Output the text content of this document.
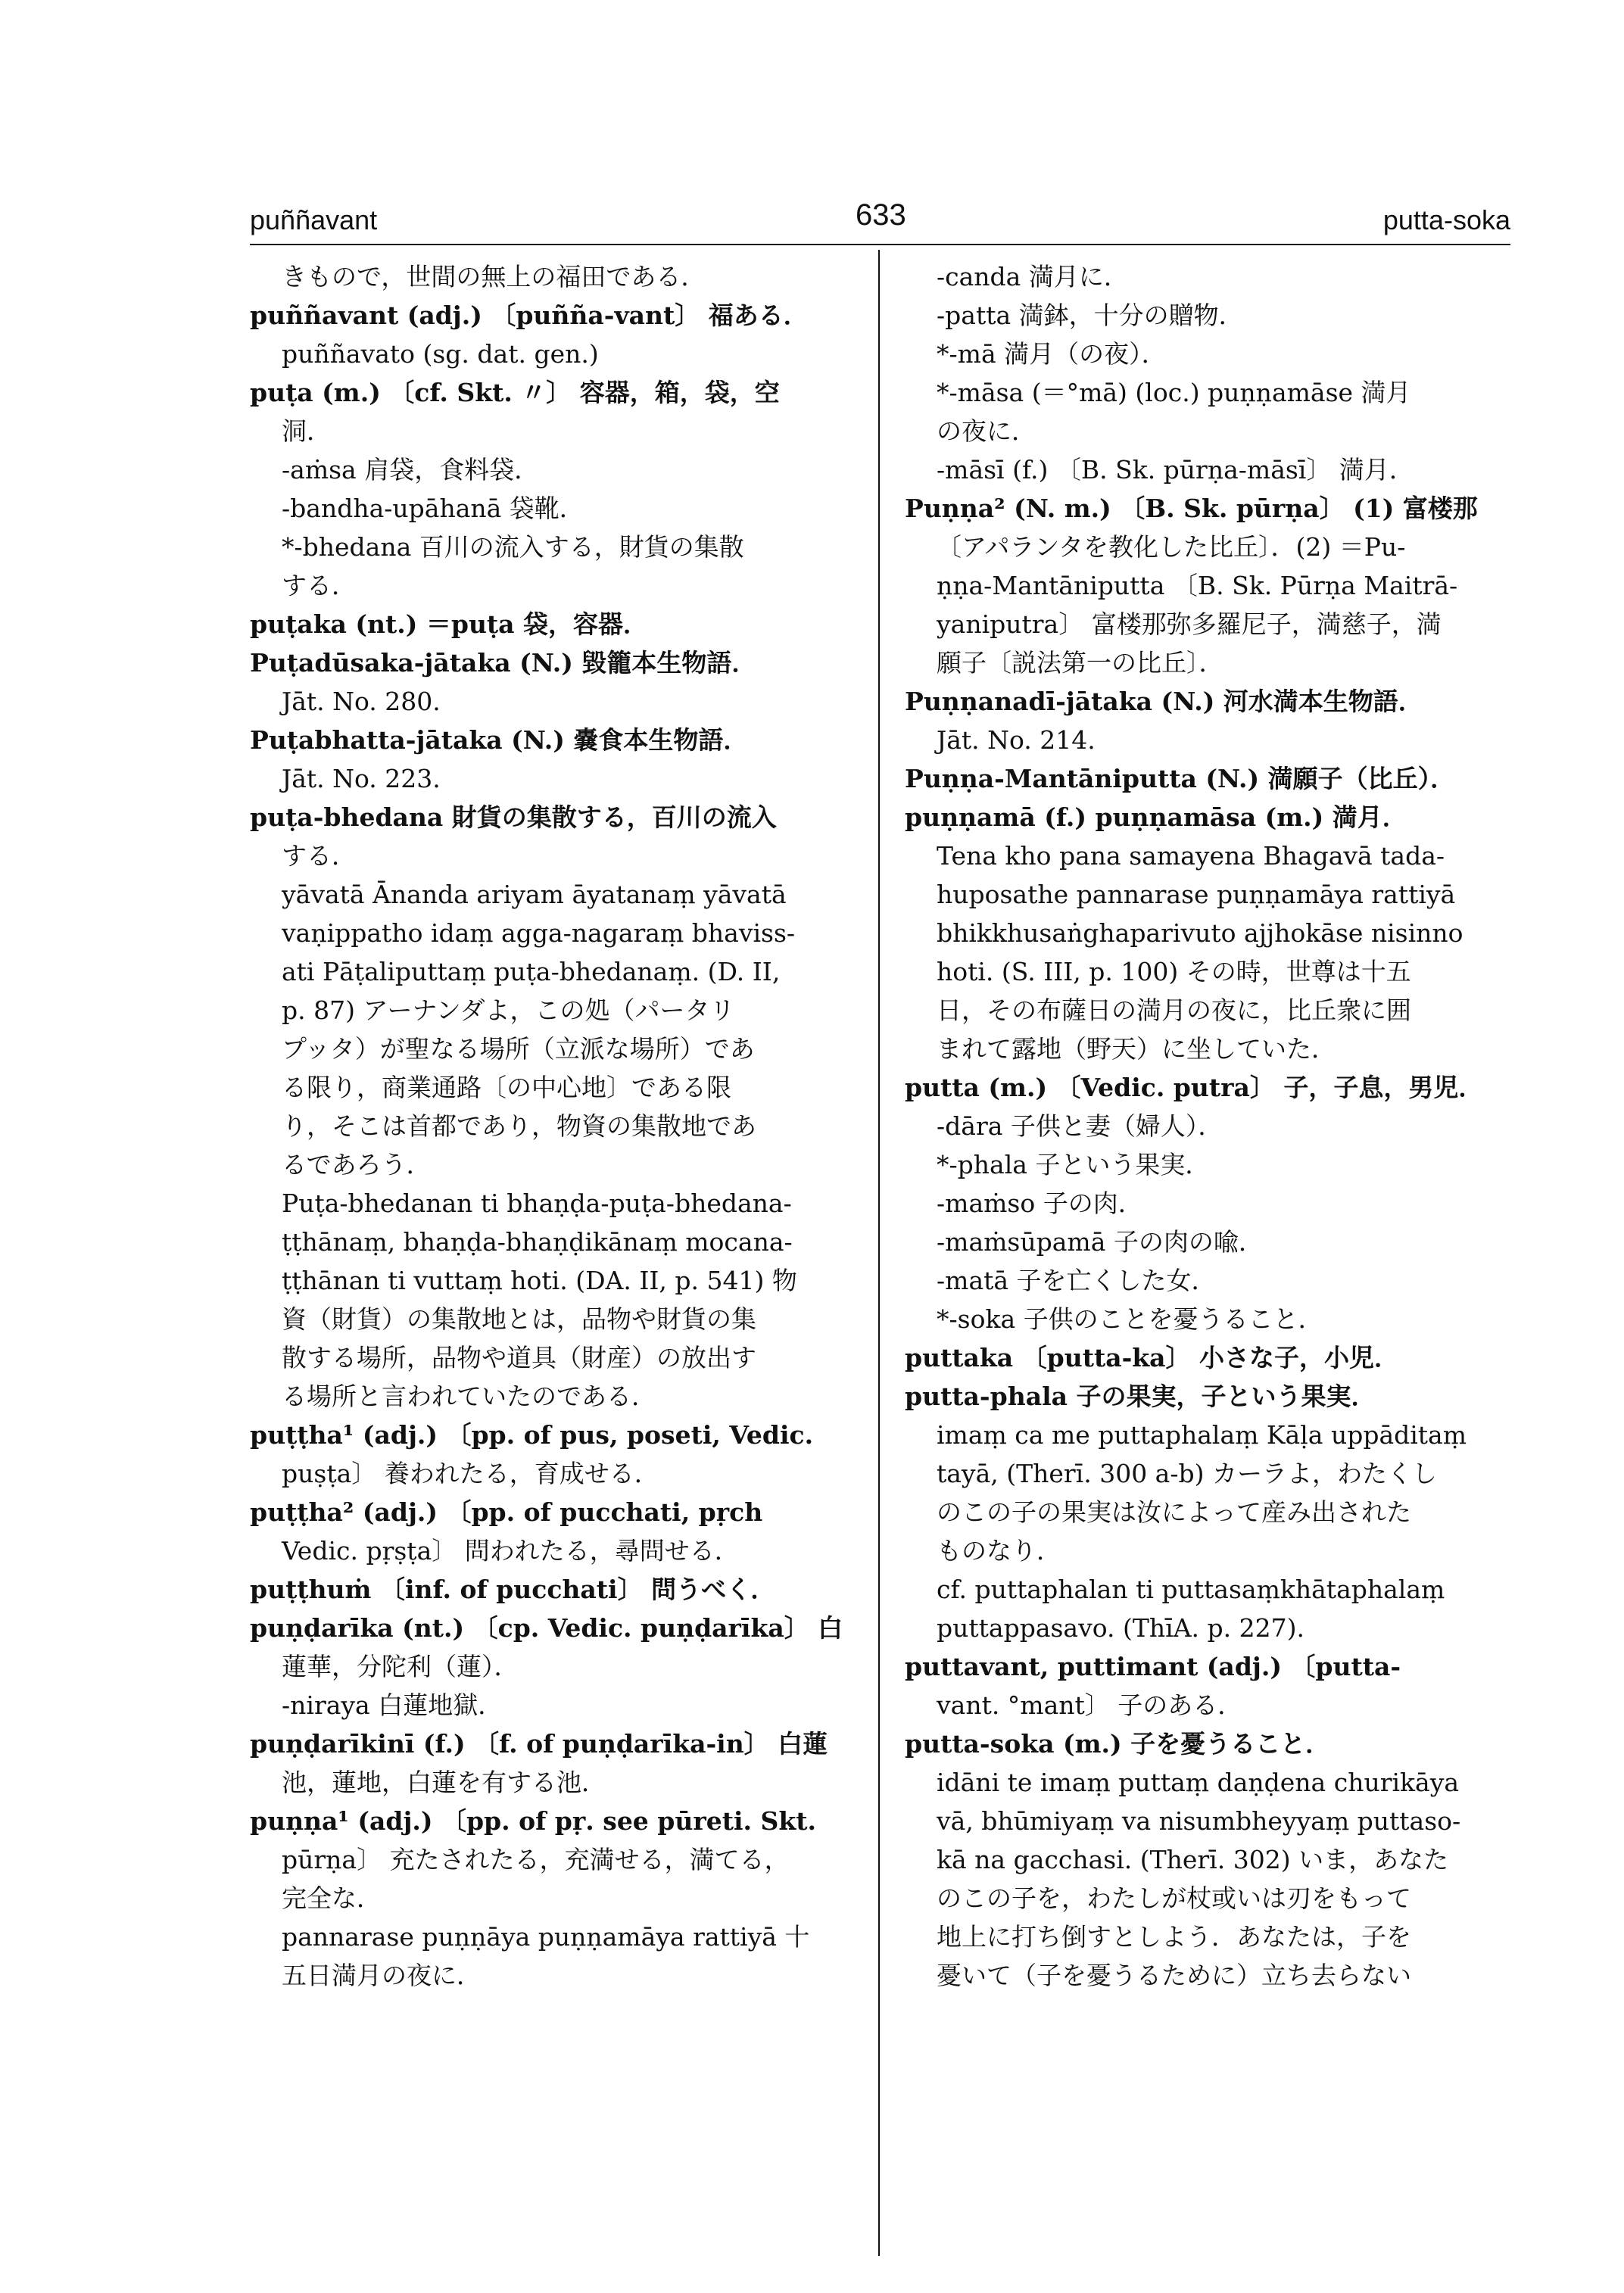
puññavant	633	putta-soka
きもので，世間の無上の福田である．
puññavant (adj.) 〔puñña-vant〕 福ある．
puññavato (sg. dat. gen.)
puṭa (m.) 〔cf. Skt. 〃〕 容器，箱，袋，空
洞．
-aṁsa 肩袋，食料袋．
-bandha-upāhanā 袋靴．
*-bhedana 百川の流入する，財貨の集散
する．
puṭaka (nt.) ＝puṭa 袋，容器．
Puṭadūsaka-jātaka (N.) 毀籠本生物語．
Jāt. No. 280.
Puṭabhatta-jātaka (N.) 嚢食本生物語．
Jāt. No. 223.
puṭa-bhedana 財貨の集散する，百川の流入
する．
yāvatā Ānanda ariyam āyatanaṃ yāvatā
vaṇippatho idaṃ agga-nagaraṃ bhaviss-
ati Pāṭaliputtaṃ puṭa-bhedanaṃ. (D. II,
p. 87) アーナンダよ，この処（パータリ
プッタ）が聖なる場所（立派な場所）であ
る限り，商業通路〔の中心地〕である限
り，そこは首都であり，物資の集散地であ
るであろう．
Puṭa-bhedanan ti bhaṇḍa-puṭa-bhedana-
ṭṭhānaṃ, bhaṇḍa-bhaṇḍikānaṃ mocana-
ṭṭhānan ti vuttaṃ hoti. (DA. II, p. 541) 物
資（財貨）の集散地とは，品物や財貨の集
散する場所，品物や道具（財産）の放出す
る場所と言われていたのである．
puṭṭha¹ (adj.) 〔pp. of pus, poseti, Vedic.
puṣṭa〕 養われたる，育成せる．
puṭṭha² (adj.) 〔pp. of pucchati, pṛch
Vedic. pṛṣṭa〕 問われたる，尋問せる．
puṭṭhuṁ 〔inf. of pucchati〕 問うべく．
puṇḍarīka (nt.) 〔cp. Vedic. puṇḍarīka〕 白
蓮華，分陀利（蓮）．
-niraya 白蓮地獄．
puṇḍarīkinī (f.) 〔f. of puṇḍarīka-in〕 白蓮
池，蓮地，白蓮を有する池．
puṇṇa¹ (adj.) 〔pp. of pṛ. see pūreti. Skt.
pūrṇa〕 充たされたる，充満せる，満てる，
完全な．
pannarase puṇṇāya puṇṇamāya rattiyā 十
五日満月の夜に．
-canda 満月に．
-patta 満鉢，十分の贈物．
*-mā 満月（の夜）．
*-māsa (＝°mā) (loc.) puṇṇamāse 満月
の夜に．
-māsī (f.) 〔B. Sk. pūrṇa-māsī〕 満月．
Puṇṇa² (N. m.) 〔B. Sk. pūrṇa〕 (1) 富楼那
〔アパランタを教化した比丘〕．(2) ＝Pu-
ṇṇa-Mantāniputta 〔B. Sk. Pūrṇa Maitrā-
yaniputra〕 富楼那弥多羅尼子，満慈子，満
願子〔説法第一の比丘〕．
Puṇṇanadī-jātaka (N.) 河水満本生物語．
Jāt. No. 214.
Puṇṇa-Mantāniputta (N.) 満願子（比丘）．
puṇṇamā (f.) puṇṇamāsa (m.) 満月．
Tena kho pana samayena Bhagavā tada-
huposathe pannarase puṇṇamāya rattiyā
bhikkhusaṅghaparivuto ajjhokāse nisinno
hoti. (S. III, p. 100) その時，世尊は十五
日，その布薩日の満月の夜に，比丘衆に囲
まれて露地（野天）に坐していた．
putta (m.) 〔Vedic. putra〕 子，子息，男児．
-dāra 子供と妻（婦人）．
*-phala 子という果実．
-maṁso 子の肉．
-maṁsūpamā 子の肉の喩．
-matā 子を亡くした女．
*-soka 子供のことを憂うること．
puttaka 〔putta-ka〕 小さな子，小児．
putta-phala 子の果実，子という果実．
imaṃ ca me puttaphalaṃ Kāḷa uppāditaṃ
tayā, (Therī. 300 a-b) カーラよ，わたくし
のこの子の果実は汝によって産み出された
ものなり．
cf. puttaphalan ti puttasaṃkhātaphalaṃ
puttappasavo. (ThīA. p. 227).
puttavant, puttimant (adj.) 〔putta-
vant. °mant〕 子のある．
putta-soka (m.) 子を憂うること．
idāni te imaṃ puttaṃ daṇḍena churikāya
vā, bhūmiyaṃ va nisumbheyyaṃ puttaso-
kā na gacchasi. (Therī. 302) いま，あなた
のこの子を，わたしが杖或いは刃をもって
地上に打ち倒すとしよう．あなたは，子を
憂いて（子を憂うるために）立ち去らない
